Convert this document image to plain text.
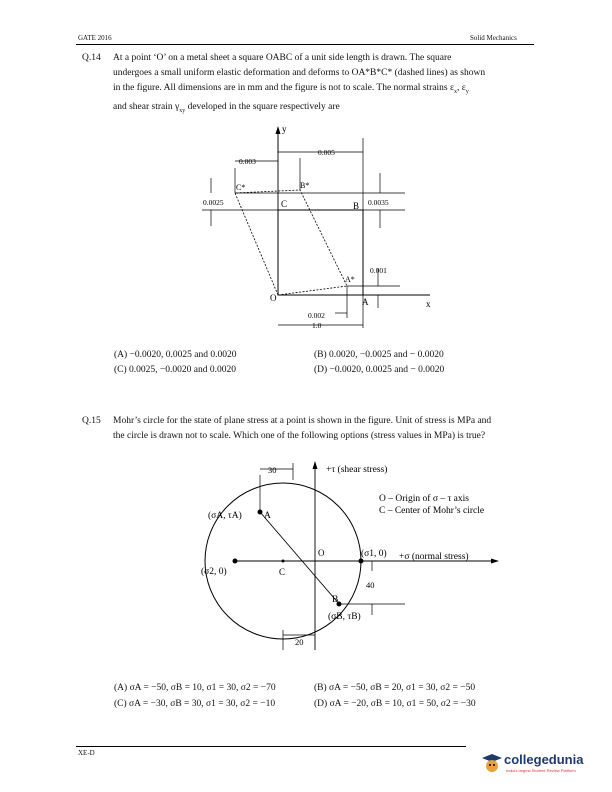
GATE 2016	Solid Mechanics
Q.14 At a point ‘O’ on a metal sheet a square OABC of a unit side length is drawn. The square
undergoes a small uniform elastic deformation and deforms to OA*B*C* (dashed lines) as shown
in the figure. All dimensions are in mm and the figure is not to scale. The normal strains $\varepsilon_x$, $\varepsilon_y$
and shear strain $\gamma_{xy}$ developed in the square respectively are
y
x
O	A
B
C
A*
B*
C*
0.003
0.005
0.0025	0.0035
0.001
0.002
1.0
(A) −0.0020, 0.0025 and 0.0020	(B) 0.0020, −0.0025 and − 0.0020
(C) 0.0025, −0.0020 and 0.0020	(D) −0.0020, 0.0025 and − 0.0020
Q.15 Mohr’s circle for the state of plane stress at a point is shown in the figure. Unit of stress is MPa and
the circle is drawn not to scale. Which one of the following options (stress values in MPa) is true?
+τ (shear stress)
+σ (normal stress)
O – Origin of σ – τ axis
C – Center of Mohr’s circle
(σA, τA) A
B
(σB, τB)
(σ1, 0)
(σ2, 0)
O
C
30
40
20
(A) σA = −50, σB = 10, σ1 = 30, σ2 = −70	(B) σA = −50, σB = 20, σ1 = 30, σ2 = −50
(C) σA = −30, σB = 30, σ1 = 30, σ2 = −10	(D) σA = −20, σB = 10, σ1 = 50, σ2 = −30
XE-D	collegedunia
India's largest Student Review Platform
